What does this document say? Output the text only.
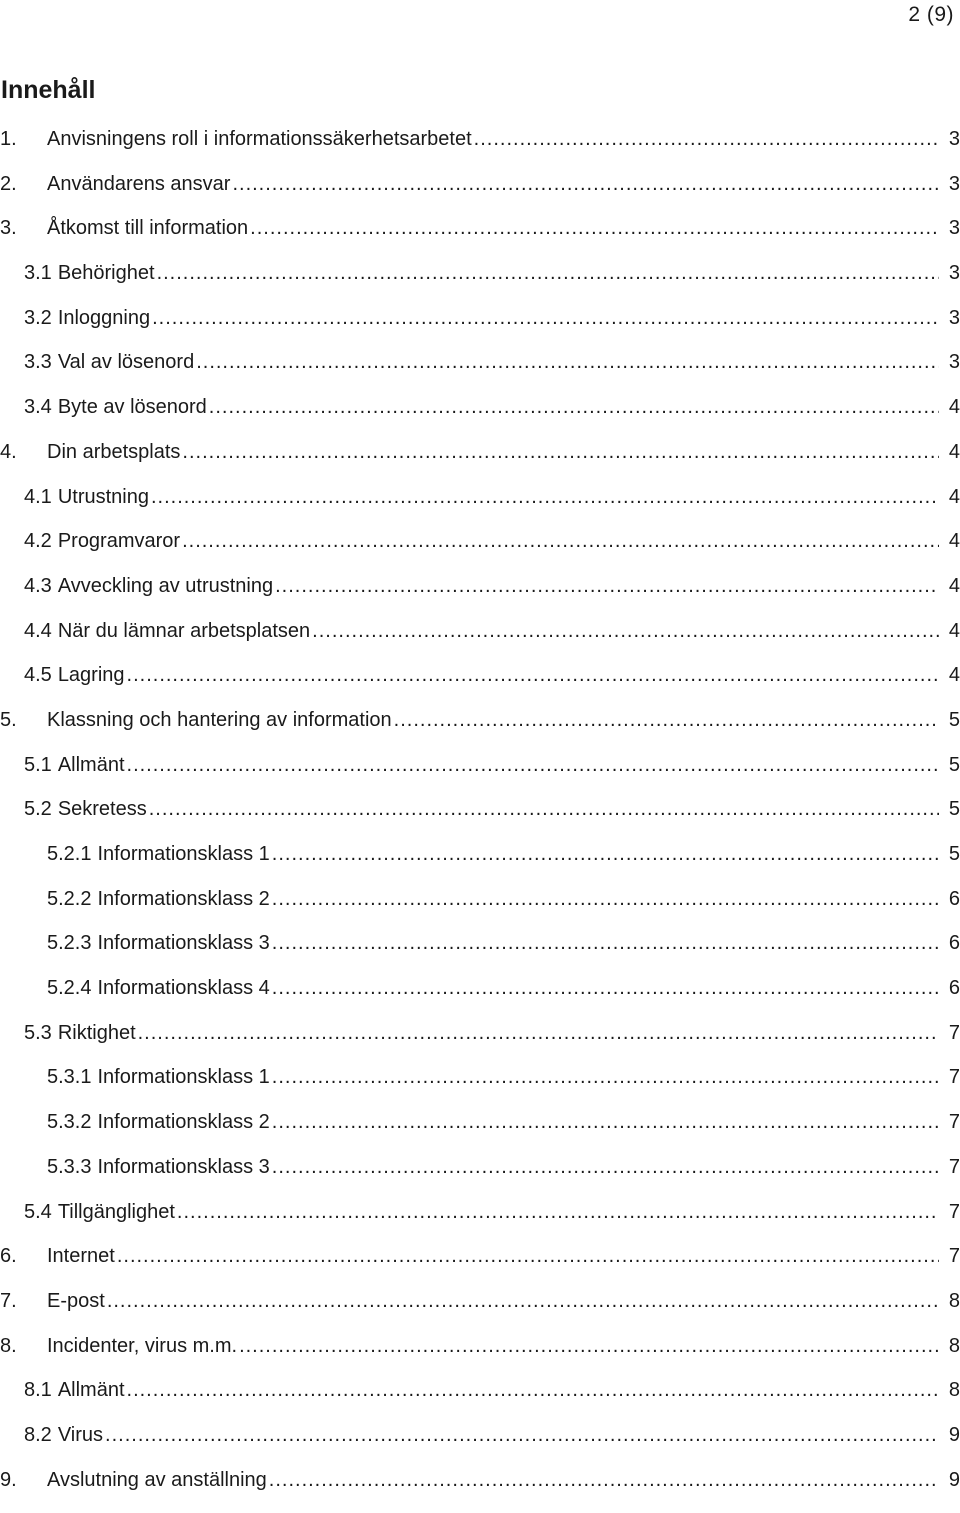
2 (9)
Innehåll
1.	Anvisningens roll i informationssäkerhetsarbetet .....	3
2.	Användarens ansvar .....	3
3.	Åtkomst till information .....	3
3.1 Behörighet .....	3
3.2 Inloggning .....	3
3.3 Val av lösenord .....	3
3.4 Byte av lösenord .....	4
4.	Din arbetsplats .....	4
4.1 Utrustning .....	4
4.2 Programvaror .....	4
4.3 Avveckling av utrustning .....	4
4.4 När du lämnar arbetsplatsen .....	4
4.5 Lagring .....	4
5.	Klassning och hantering av information .....	5
5.1 Allmänt .....	5
5.2 Sekretess .....	5
5.2.1 Informationsklass 1 .....	5
5.2.2 Informationsklass 2 .....	6
5.2.3 Informationsklass 3 .....	6
5.2.4 Informationsklass 4 .....	6
5.3 Riktighet .....	7
5.3.1 Informationsklass 1 .....	7
5.3.2 Informationsklass 2 .....	7
5.3.3 Informationsklass 3 .....	7
5.4 Tillgänglighet .....	7
6.	Internet .....	7
7.	E-post .....	8
8.	Incidenter, virus m.m. .....	8
8.1 Allmänt .....	8
8.2 Virus .....	9
9.	Avslutning av anställning .....	9
